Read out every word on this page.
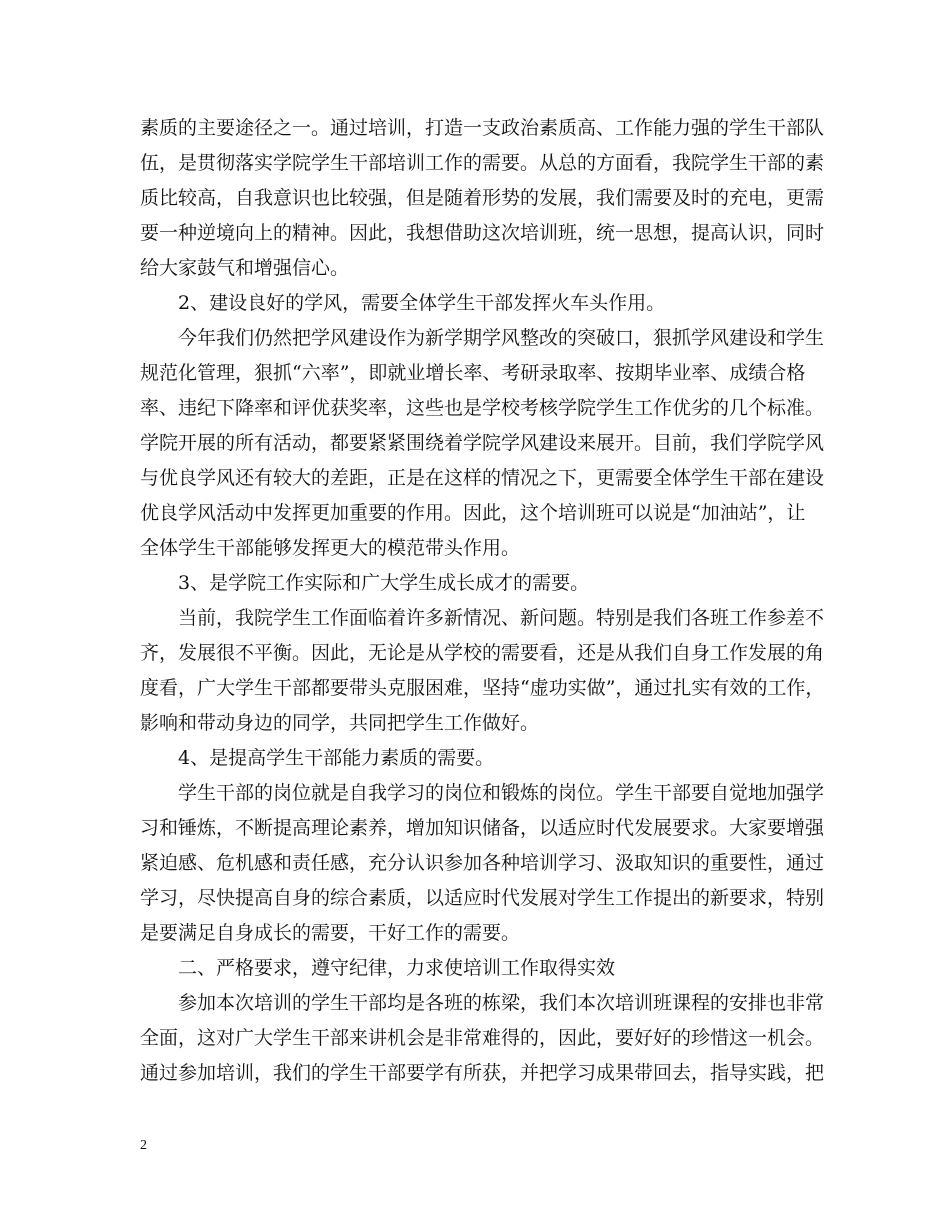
素质的主要途径之一。通过培训，打造一支政治素质高、工作能力强的学生干部队
伍，是贯彻落实学院学生干部培训工作的需要。从总的方面看，我院学生干部的素
质比较高，自我意识也比较强，但是随着形势的发展，我们需要及时的充电，更需
要一种逆境向上的精神。因此，我想借助这次培训班，统一思想，提高认识，同时
给大家鼓气和增强信心。
2、建设良好的学风，需要全体学生干部发挥火车头作用。
今年我们仍然把学风建设作为新学期学风整改的突破口，狠抓学风建设和学生
规范化管理，狠抓“六率”，即就业增长率、考研录取率、按期毕业率、成绩合格
率、违纪下降率和评优获奖率，这些也是学校考核学院学生工作优劣的几个标准。
学院开展的所有活动，都要紧紧围绕着学院学风建设来展开。目前，我们学院学风
与优良学风还有较大的差距，正是在这样的情况之下，更需要全体学生干部在建设
优良学风活动中发挥更加重要的作用。因此，这个培训班可以说是“加油站”，让
全体学生干部能够发挥更大的模范带头作用。
3、是学院工作实际和广大学生成长成才的需要。
当前，我院学生工作面临着许多新情况、新问题。特别是我们各班工作参差不
齐，发展很不平衡。因此，无论是从学校的需要看，还是从我们自身工作发展的角
度看，广大学生干部都要带头克服困难，坚持“虚功实做”，通过扎实有效的工作，
影响和带动身边的同学，共同把学生工作做好。
4、是提高学生干部能力素质的需要。
学生干部的岗位就是自我学习的岗位和锻炼的岗位。学生干部要自觉地加强学
习和锤炼，不断提高理论素养，增加知识储备，以适应时代发展要求。大家要增强
紧迫感、危机感和责任感，充分认识参加各种培训学习、汲取知识的重要性，通过
学习，尽快提高自身的综合素质，以适应时代发展对学生工作提出的新要求，特别
是要满足自身成长的需要，干好工作的需要。
二、严格要求，遵守纪律，力求使培训工作取得实效
参加本次培训的学生干部均是各班的栋梁，我们本次培训班课程的安排也非常
全面，这对广大学生干部来讲机会是非常难得的，因此，要好好的珍惜这一机会。
通过参加培训，我们的学生干部要学有所获，并把学习成果带回去，指导实践，把
2
